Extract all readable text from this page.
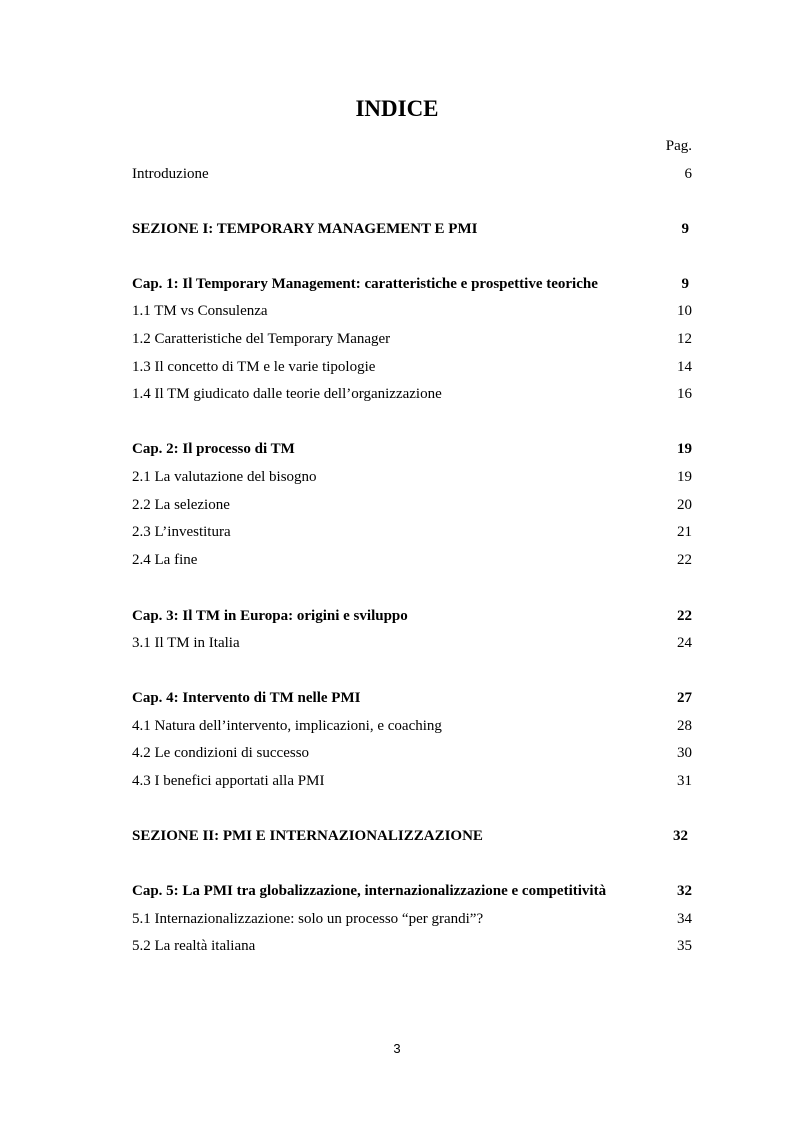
INDICE
Pag.
Introduzione	6
SEZIONE I: TEMPORARY MANAGEMENT E PMI	9
Cap. 1: Il Temporary Management: caratteristiche e prospettive teoriche	9
1.1 TM vs Consulenza	10
1.2 Caratteristiche del Temporary Manager	12
1.3 Il concetto di TM e le varie tipologie	14
1.4 Il TM giudicato dalle teorie dell’organizzazione	16
Cap. 2: Il processo di TM	19
2.1 La valutazione del bisogno	19
2.2 La selezione	20
2.3 L’investitura	21
2.4 La fine	22
Cap. 3: Il TM in Europa: origini e sviluppo	22
3.1 Il TM in Italia	24
Cap. 4: Intervento di TM nelle PMI	27
4.1 Natura dell’intervento, implicazioni, e coaching	28
4.2 Le condizioni di successo	30
4.3 I benefici apportati alla PMI	31
SEZIONE II: PMI E INTERNAZIONALIZZAZIONE	32
Cap. 5: La PMI tra globalizzazione, internazionalizzazione e competitività	32
5.1 Internazionalizzazione: solo un processo “per grandi”?	34
5.2 La realtà italiana	35
3
